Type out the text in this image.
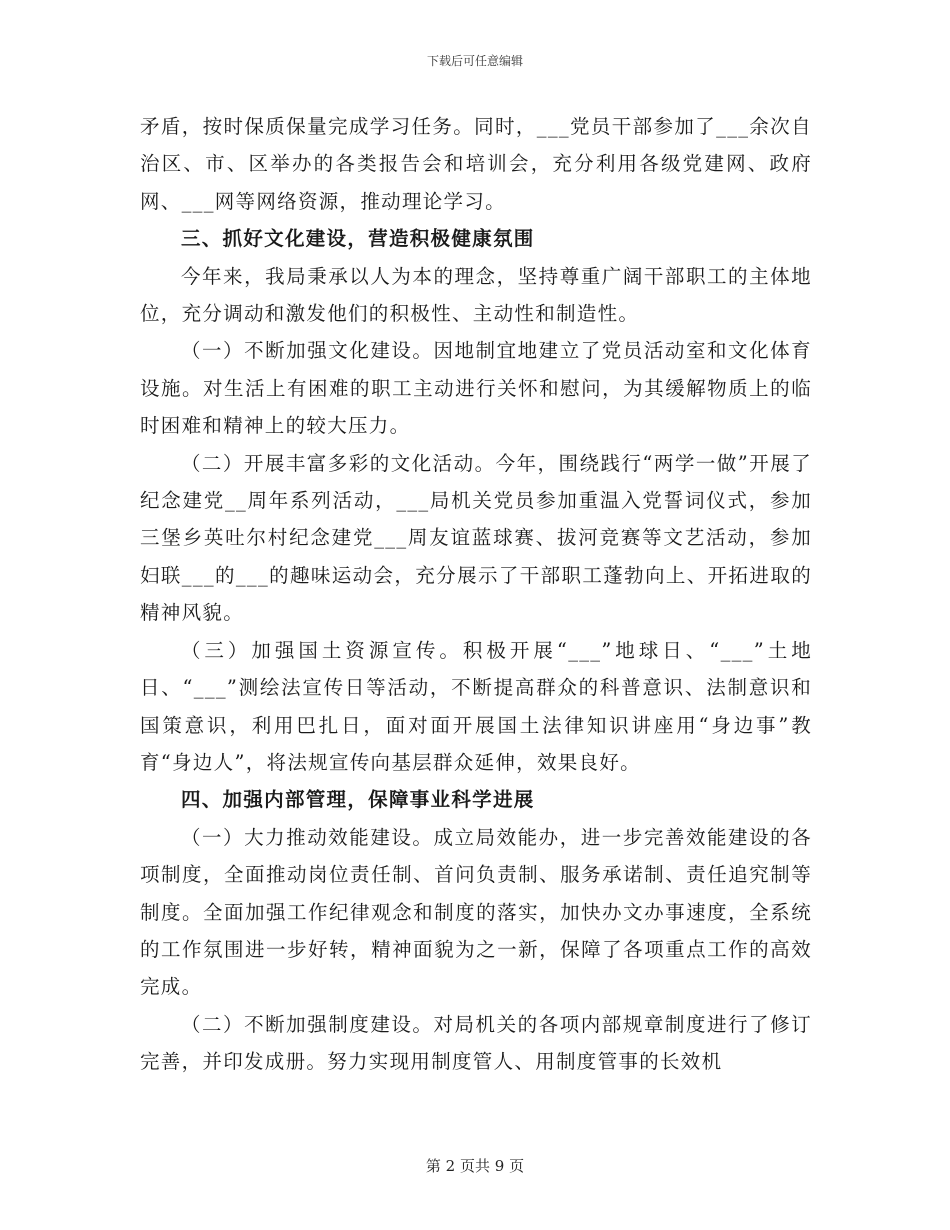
下载后可任意编辑

矛盾，按时保质保量完成学习任务。同时，___党员干部参加了___余次自治区、市、区举办的各类报告会和培训会，充分利用各级党建网、政府网、___网等网络资源，推动理论学习。

三、抓好文化建设，营造积极健康氛围

今年来，我局秉承以人为本的理念，坚持尊重广阔干部职工的主体地位，充分调动和激发他们的积极性、主动性和制造性。

（一）不断加强文化建设。因地制宜地建立了党员活动室和文化体育设施。对生活上有困难的职工主动进行关怀和慰问，为其缓解物质上的临时困难和精神上的较大压力。

（二）开展丰富多彩的文化活动。今年，围绕践行“两学一做”开展了纪念建党__周年系列活动，___局机关党员参加重温入党誓词仪式，参加三堡乡英吐尔村纪念建党___周友谊蓝球赛、拔河竞赛等文艺活动，参加妇联___的___的趣味运动会，充分展示了干部职工蓬勃向上、开拓进取的精神风貌。

（三）加强国土资源宣传。积极开展“___”地球日、“___”土地日、“___”测绘法宣传日等活动，不断提高群众的科普意识、法制意识和国策意识，利用巴扎日，面对面开展国土法律知识讲座用“身边事”教育“身边人”，将法规宣传向基层群众延伸，效果良好。

四、加强内部管理，保障事业科学进展

（一）大力推动效能建设。成立局效能办，进一步完善效能建设的各项制度，全面推动岗位责任制、首问负责制、服务承诺制、责任追究制等制度。全面加强工作纪律观念和制度的落实，加快办文办事速度，全系统的工作氛围进一步好转，精神面貌为之一新，保障了各项重点工作的高效完成。

（二）不断加强制度建设。对局机关的各项内部规章制度进行了修订完善，并印发成册。努力实现用制度管人、用制度管事的长效机

第 2 页共 9 页
